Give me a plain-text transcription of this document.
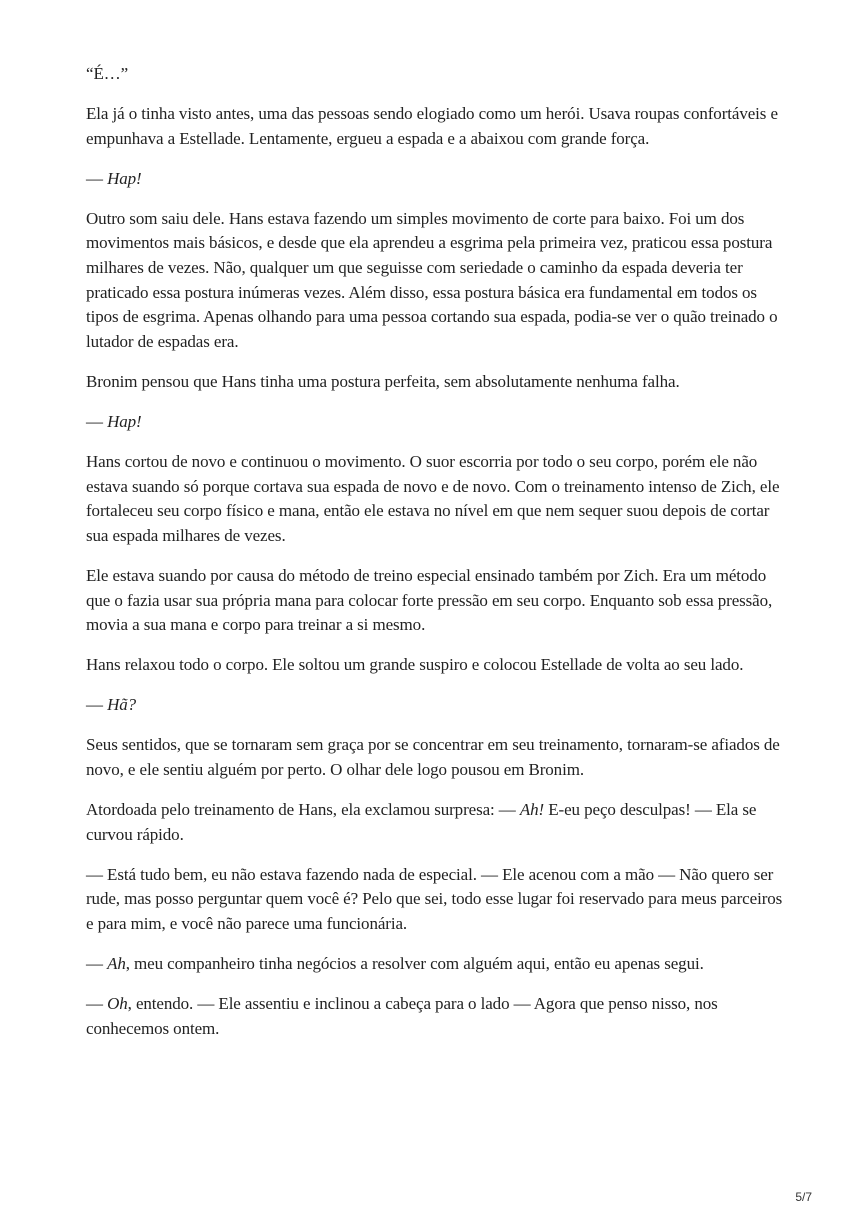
“É…”

Ela já o tinha visto antes, uma das pessoas sendo elogiado como um herói. Usava roupas confortáveis e empunhava a Estellade. Lentamente, ergueu a espada e a abaixou com grande força.

— Hap!

Outro som saiu dele. Hans estava fazendo um simples movimento de corte para baixo. Foi um dos movimentos mais básicos, e desde que ela aprendeu a esgrima pela primeira vez, praticou essa postura milhares de vezes. Não, qualquer um que seguisse com seriedade o caminho da espada deveria ter praticado essa postura inúmeras vezes. Além disso, essa postura básica era fundamental em todos os tipos de esgrima. Apenas olhando para uma pessoa cortando sua espada, podia-se ver o quão treinado o lutador de espadas era.

Bronim pensou que Hans tinha uma postura perfeita, sem absolutamente nenhuma falha.

— Hap!

Hans cortou de novo e continuou o movimento. O suor escorria por todo o seu corpo, porém ele não estava suando só porque cortava sua espada de novo e de novo. Com o treinamento intenso de Zich, ele fortaleceu seu corpo físico e mana, então ele estava no nível em que nem sequer suou depois de cortar sua espada milhares de vezes.

Ele estava suando por causa do método de treino especial ensinado também por Zich. Era um método que o fazia usar sua própria mana para colocar forte pressão em seu corpo. Enquanto sob essa pressão, movia a sua mana e corpo para treinar a si mesmo.

Hans relaxou todo o corpo. Ele soltou um grande suspiro e colocou Estellade de volta ao seu lado.

— Hã?

Seus sentidos, que se tornaram sem graça por se concentrar em seu treinamento, tornaram-se afiados de novo, e ele sentiu alguém por perto. O olhar dele logo pousou em Bronim.

Atordoada pelo treinamento de Hans, ela exclamou surpresa: — Ah! E-eu peço desculpas! — Ela se curvou rápido.

— Está tudo bem, eu não estava fazendo nada de especial. — Ele acenou com a mão — Não quero ser rude, mas posso perguntar quem você é? Pelo que sei, todo esse lugar foi reservado para meus parceiros e para mim, e você não parece uma funcionária.

— Ah, meu companheiro tinha negócios a resolver com alguém aqui, então eu apenas segui.

— Oh, entendo. — Ele assentiu e inclinou a cabeça para o lado — Agora que penso nisso, nos conhecemos ontem.

5/7
